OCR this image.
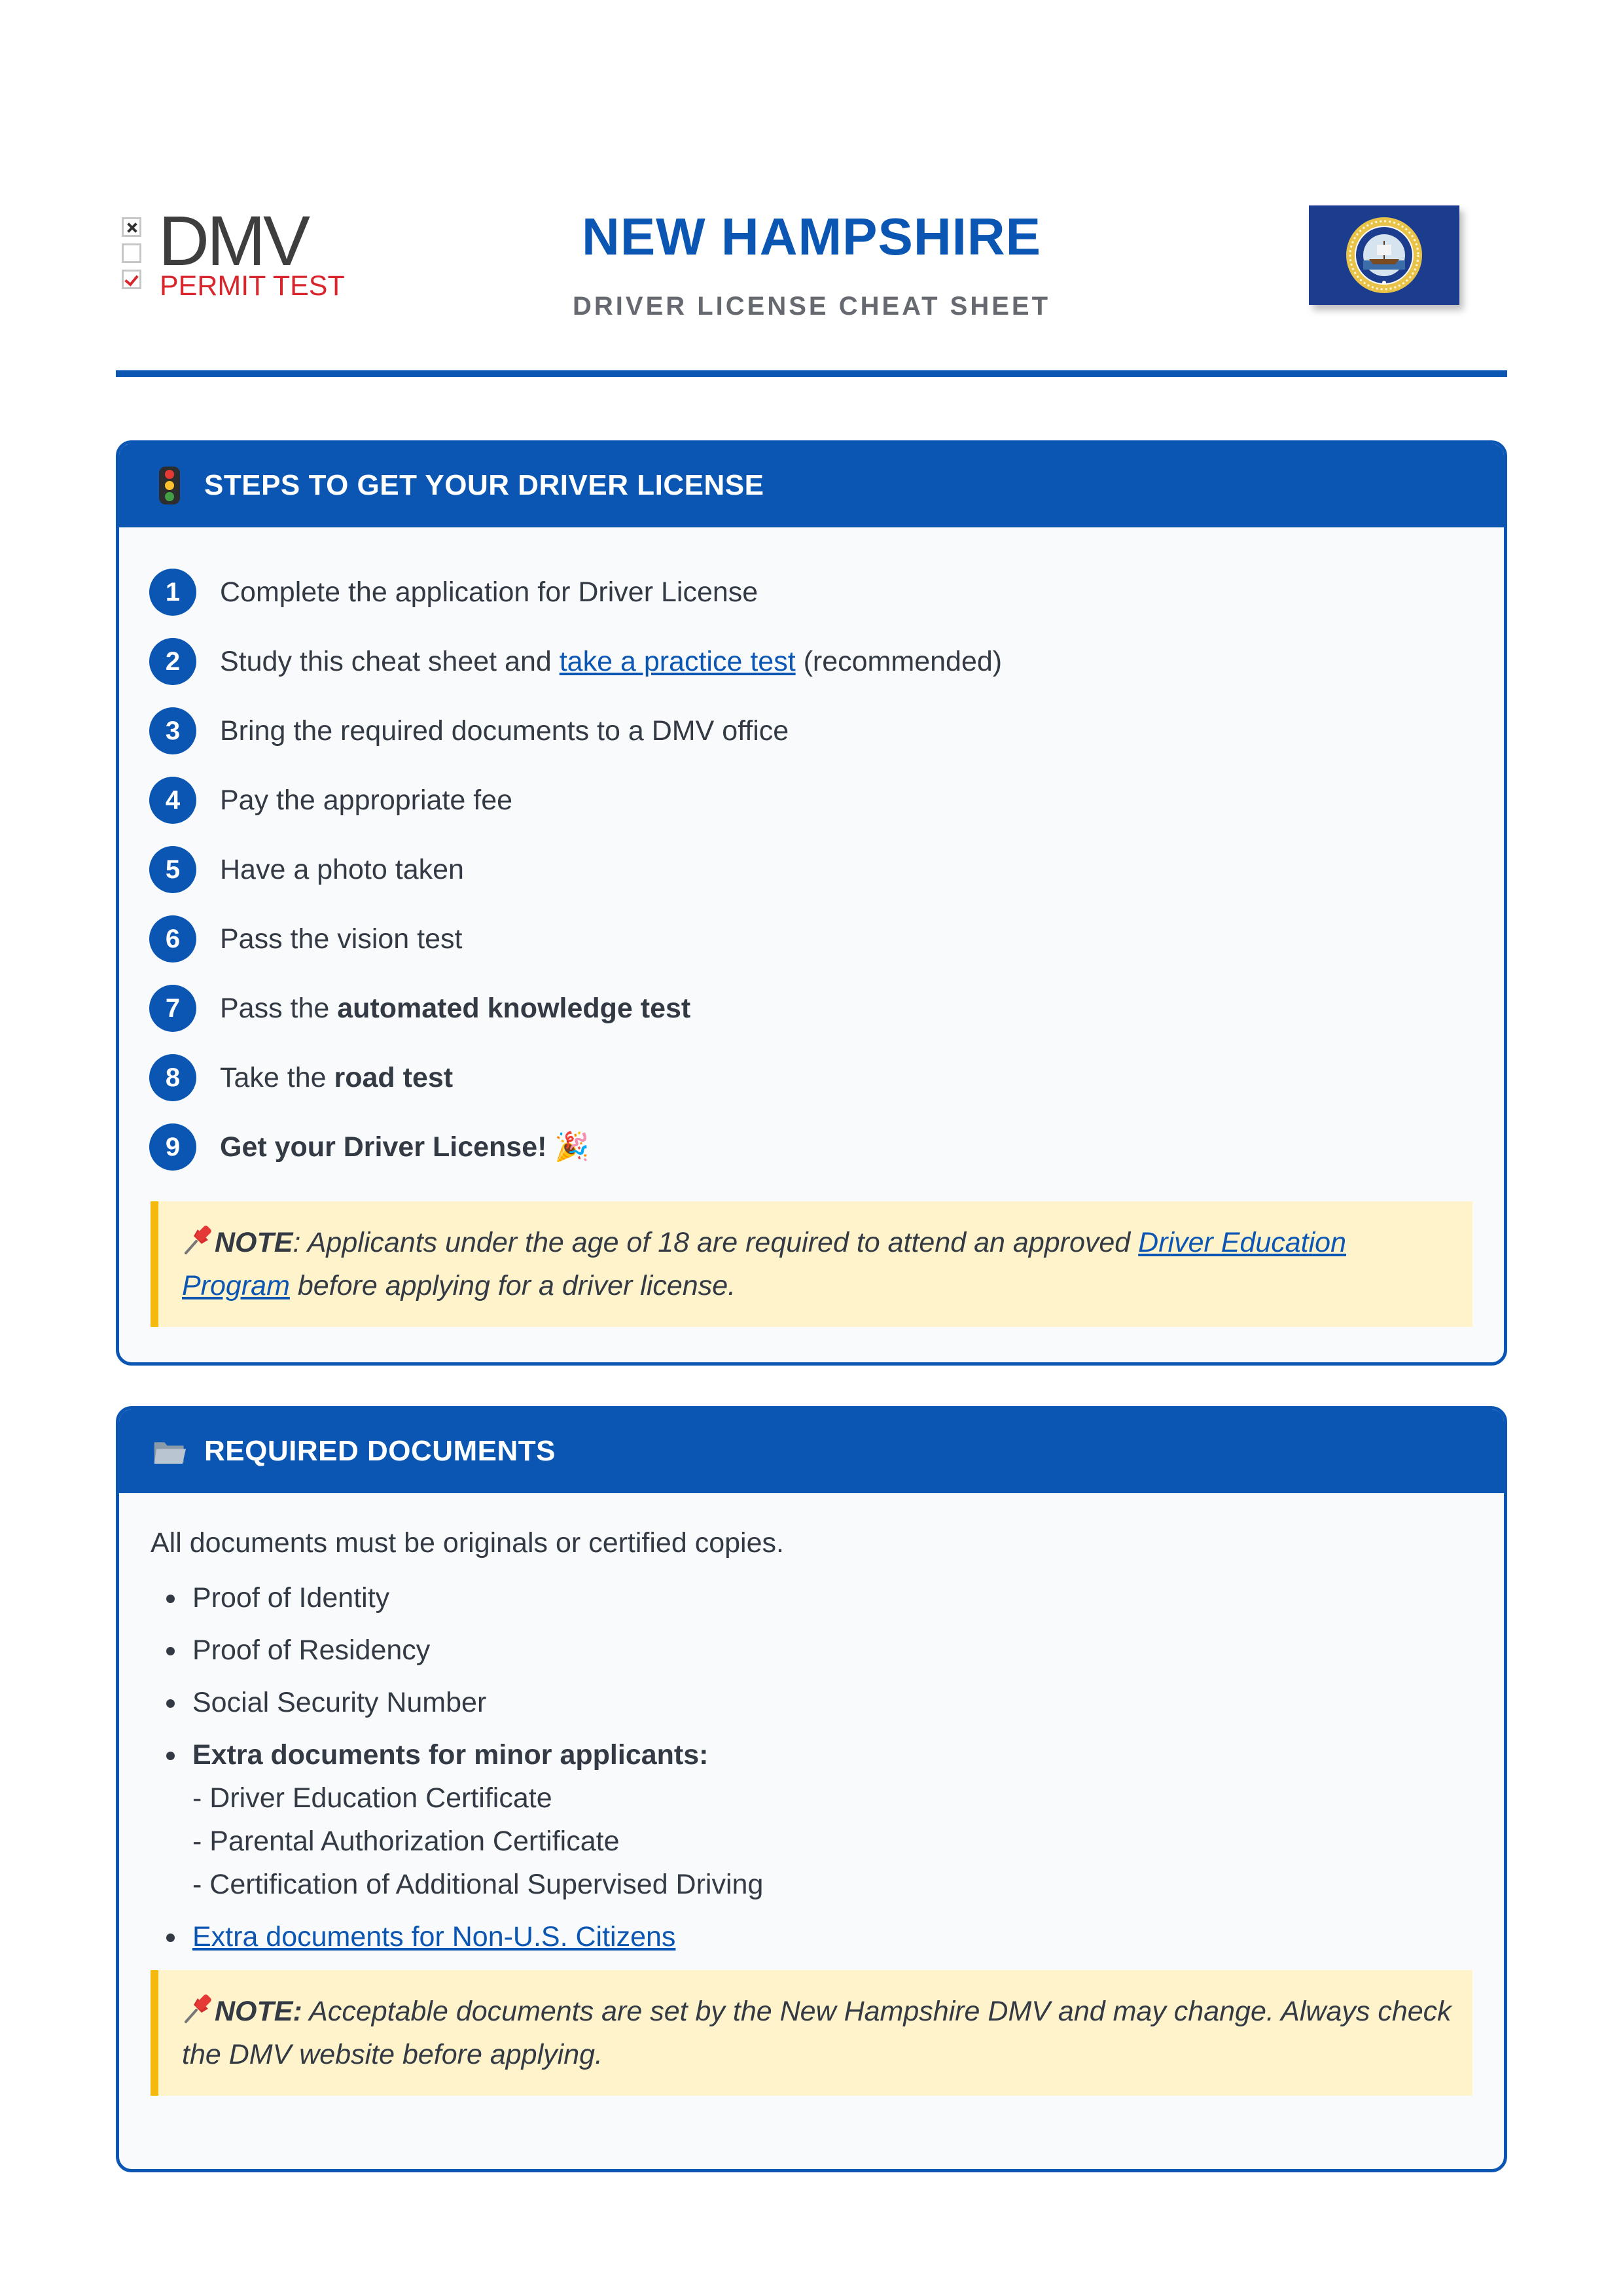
DMV
PERMIT TEST
NEW HAMPSHIRE
DRIVER LICENSE CHEAT SHEET
STEPS TO GET YOUR DRIVER LICENSE
1	Complete the application for Driver License
2	Study this cheat sheet and take a practice test (recommended)
3	Bring the required documents to a DMV office
4	Pay the appropriate fee
5	Have a photo taken
6	Pass the vision test
7	Pass the automated knowledge test
8	Take the road test
9	Get your Driver License! 🎉
NOTE: Applicants under the age of 18 are required to attend an approved Driver Education Program before applying for a driver license.
REQUIRED DOCUMENTS
All documents must be originals or certified copies.
Proof of Identity
Proof of Residency
Social Security Number
Extra documents for minor applicants:
- Driver Education Certificate
- Parental Authorization Certificate
- Certification of Additional Supervised Driving
Extra documents for Non-U.S. Citizens
NOTE: Acceptable documents are set by the New Hampshire DMV and may change. Always check the DMV website before applying.
